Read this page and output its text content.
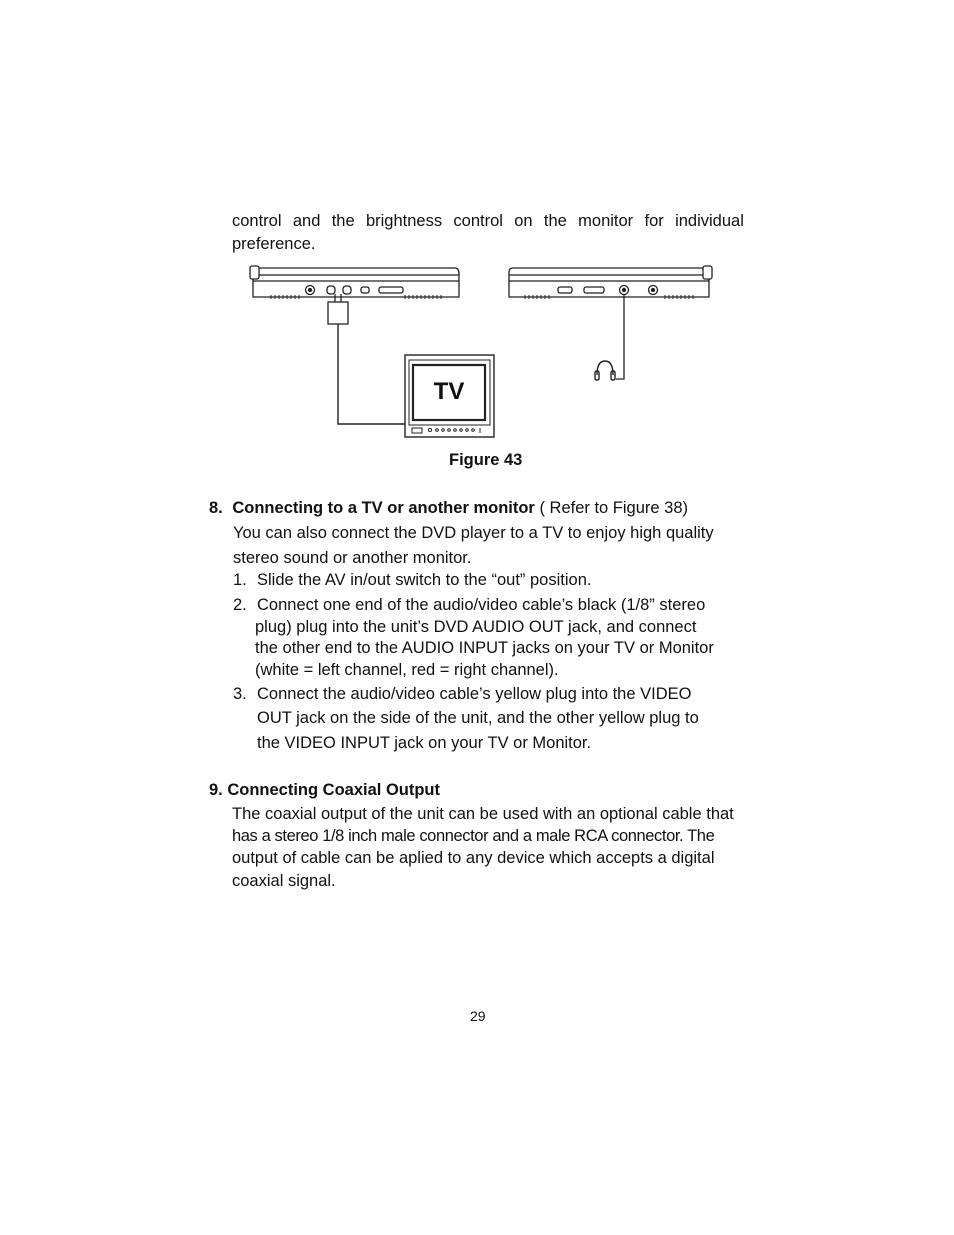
control and the brightness control on the monitor for individual
preference.
TV
Figure 43
8. Connecting to a TV or another monitor ( Refer to Figure 38)
You can also connect the DVD player to a TV to enjoy high quality
stereo sound or another monitor.
1. Slide the AV in/out switch to the “out” position.
2. Connect one end of the audio/video cable’s black (1/8” stereo
plug) plug into the unit’s DVD AUDIO OUT jack, and connect
the other end to the AUDIO INPUT jacks on your TV or Monitor
(white = left channel, red = right channel).
3. Connect the audio/video cable’s yellow plug into the VIDEO
OUT jack on the side of the unit, and the other yellow plug to
the VIDEO INPUT jack on your TV or Monitor.
9. Connecting Coaxial Output
The coaxial output of the unit can be used with an optional cable that
has a stereo 1/8 inch male connector and a male RCA connector. The
output of cable can be aplied to any device which accepts a digital
coaxial signal.
29
